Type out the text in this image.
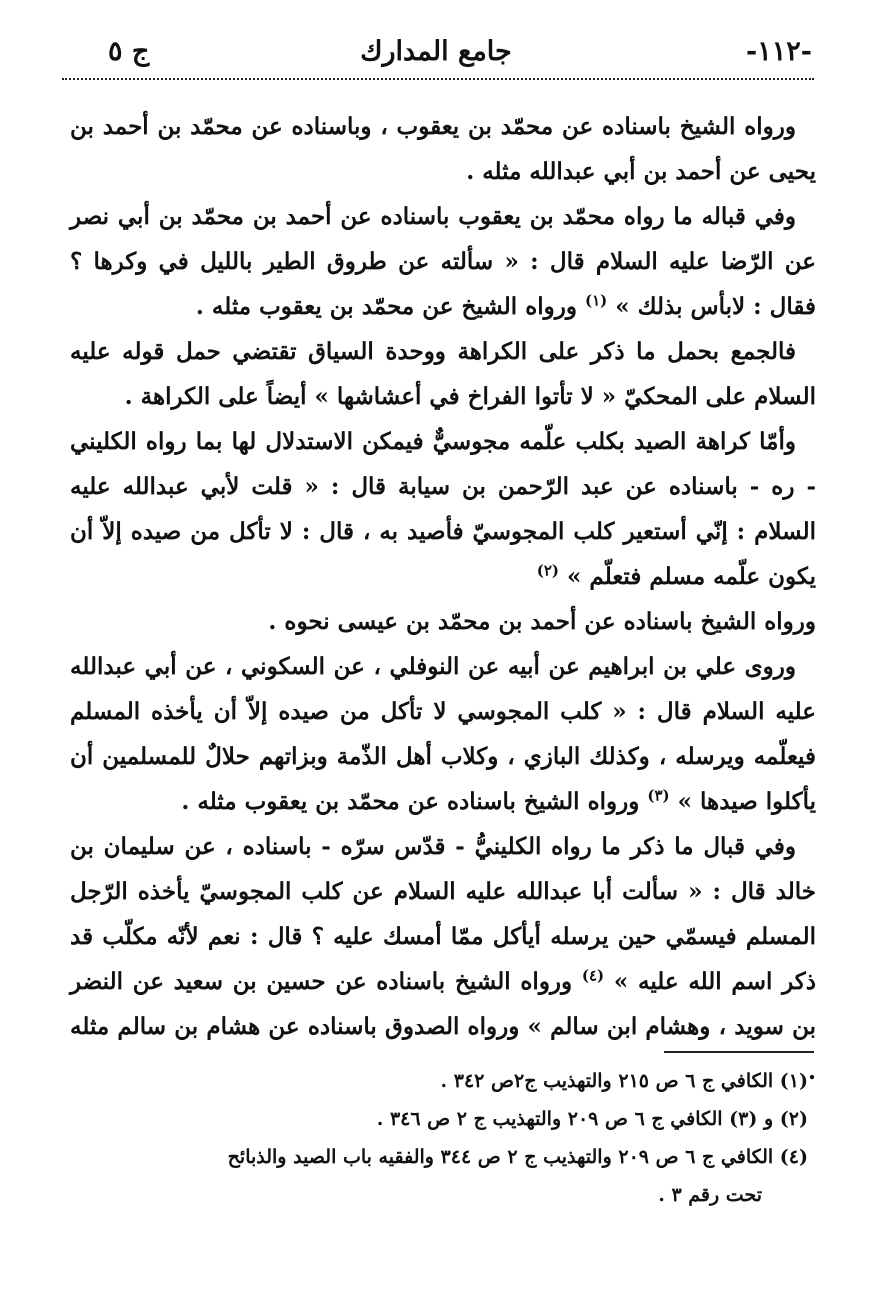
-١١٢-
جامع المدارك
ج ٥

ورواه الشيخ باسناده عن محمّد بن يعقوب ، وباسناده عن محمّد بن أحمد بن يحيى عن أحمد بن أبي عبدالله مثله .

وفي قباله ما رواه محمّد بن يعقوب باسناده عن أحمد بن محمّد بن أبي نصر عن الرّضا عليه السلام قال : « سألته عن طروق الطير بالليل في وكرها ؟ فقال : لابأس بذلك » $^{(١)}$ ورواه الشيخ عن محمّد بن يعقوب مثله .

فالجمع بحمل ما ذكر على الكراهة ووحدة السياق تقتضي حمل قوله عليه السلام على المحكيّ « لا تأتوا الفراخ في أعشاشها » أيضاً على الكراهة .

وأمّا كراهة الصيد بكلب علّمه مجوسيٌّ فيمكن الاستدلال لها بما رواه الكليني - ره - باسناده عن عبد الرّحمن بن سيابة قال : « قلت لأبي عبدالله عليه السلام : إنّي أستعير كلب المجوسيّ فأصيد به ، قال : لا تأكل من صيده إلاّ أن يكون علّمه مسلم فتعلّم » $^{(٢)}$

ورواه الشيخ باسناده عن أحمد بن محمّد بن عيسى نحوه .

وروى علي بن ابراهيم عن أبيه عن النوفلي ، عن السكوني ، عن أبي عبدالله عليه السلام قال : « كلب المجوسي لا تأكل من صيده إلاّ أن يأخذه المسلم فيعلّمه ويرسله ، وكذلك البازي ، وكلاب أهل الذّمة وبزاتهم حلالٌ للمسلمين أن يأكلوا صيدها » $^{(٣)}$ ورواه الشيخ باسناده عن محمّد بن يعقوب مثله .

وفي قبال ما ذكر ما رواه الكلينيُّ - قدّس سرّه - باسناده ، عن سليمان بن خالد قال : « سألت أبا عبدالله عليه السلام عن كلب المجوسيّ يأخذه الرّجل المسلم فيسمّي حين يرسله أيأكل ممّا أمسك عليه ؟ قال : نعم لأنّه مكلّب قد ذكر اسم الله عليه » $^{(٤)}$ ورواه الشيخ باسناده عن حسين بن سعيد عن النضر بن سويد ، وهشام ابن سالم » ورواه الصدوق باسناده عن هشام بن سالم مثله .

(١) الكافي ج ٦ ص ٢١٥ والتهذيب ج٢ص ٣٤٢ .

(٢) و (٣) الكافي ج ٦ ص ٢٠٩ والتهذيب ج ٢ ص ٣٤٦ .

(٤) الكافي ج ٦ ص ٢٠٩ والتهذيب ج ٢ ص ٣٤٤ والفقيه باب الصيد والذبائح

تحت رقم ٣ .
